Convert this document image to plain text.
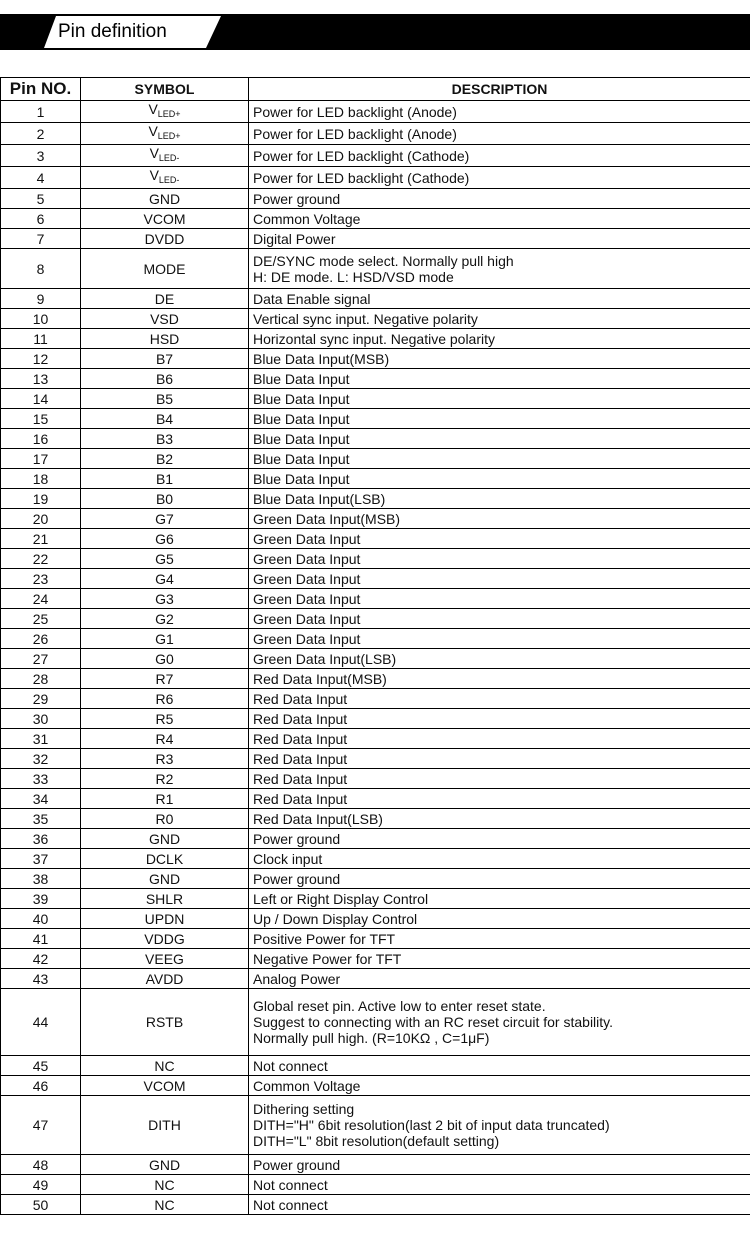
Pin definition
Pin NO.	SYMBOL	DESCRIPTION
1	$V_{LED+}$	Power for LED backlight (Anode)

2	$V_{LED+}$	Power for LED backlight (Anode)

3	$V_{LED-}$	Power for LED backlight (Cathode)

4	$V_{LED-}$	Power for LED backlight (Cathode)

5	GND	Power ground

6	VCOM	Common Voltage

7	DVDD	Digital Power

8	MODE	DE/SYNC mode select. Normally pull high
H: DE mode. L: HSD/VSD mode

9	DE	Data Enable signal

10	VSD	Vertical sync input. Negative polarity

11	HSD	Horizontal sync input. Negative polarity

12	B7	Blue Data Input(MSB)

13	B6	Blue Data Input

14	B5	Blue Data Input

15	B4	Blue Data Input

16	B3	Blue Data Input

17	B2	Blue Data Input

18	B1	Blue Data Input

19	B0	Blue Data Input(LSB)

20	G7	Green Data Input(MSB)

21	G6	Green Data Input

22	G5	Green Data Input

23	G4	Green Data Input

24	G3	Green Data Input

25	G2	Green Data Input

26	G1	Green Data Input

27	G0	Green Data Input(LSB)

28	R7	Red Data Input(MSB)

29	R6	Red Data Input

30	R5	Red Data Input

31	R4	Red Data Input

32	R3	Red Data Input

33	R2	Red Data Input

34	R1	Red Data Input

35	R0	Red Data Input(LSB)

36	GND	Power ground

37	DCLK	Clock input

38	GND	Power ground

39	SHLR	Left or Right Display Control

40	UPDN	Up / Down Display Control

41	VDDG	Positive Power for TFT

42	VEEG	Negative Power for TFT

43	AVDD	Analog Power

44	RSTB	Global reset pin. Active low to enter reset state.
Suggest to connecting with an RC reset circuit for stability.
Normally pull high. (R=10KΩ , C=1μF)

45	NC	Not connect

46	VCOM	Common Voltage

47	DITH	Dithering setting
DITH="H" 6bit resolution(last 2 bit of input data truncated)
DITH="L" 8bit resolution(default setting)

48	GND	Power ground

49	NC	Not connect

50	NC	Not connect
